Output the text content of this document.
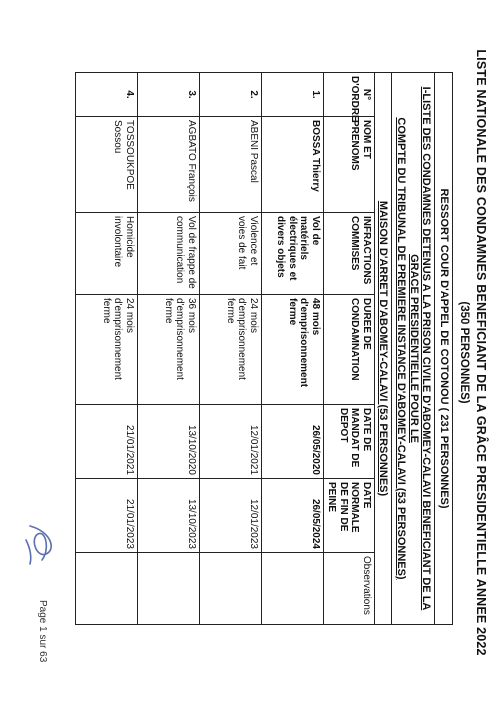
LISTE NATIONALE DES CONDAMNES BENEFICIANT DE LA GRÂCE PRESIDENTIELLE ANNEE 2022
(350 PERSONNES)
RESSORT COUR D'APPEL DE COTONOU ( 231 PERSONNES)						

I-LISTE DES CONDAMNES DETENUS A LA PRISON CIVILE D'ABOMEY-CALAVI BENEFICIANT DE LA GRACE PRESIDENTIELLE POUR LE
COMPTE DU TRIBUNAL DE PREMIERE INSTANCE D'ABOMEY-CALAVI (53 PERSONNES)						

MAISON D'ARRET D'ABOMEY-CALAVI (53 PERSONNES)						
N° D'ORDRE	NOM ET PRENOMS	INFRACTIONS COMMISES	DUREE DE CONDAMNATION	DATE DE MANDAT DE DEPOT	DATE NORMALE DE FIN DE PEINE	Observations
1.	BOSSA Thierry	Vol de matériels électriques et divers objets	48 mois d'emprisonnement ferme	26/05/2020	26/05/2024	
2.	ABENI Pascal	Violence et voies de fait	24 mois d'emprisonnement ferme	12/01/2021	12/01/2023	
3.	AGBATO François	Vol de frappe de communication	36 mois d'emprisonnement ferme	13/10/2020	13/10/2023	
4.	TOSSOUKPOE Sossou	Homicide involontaire	24 mois d'emprisonnement ferme	21/01/2021	21/01/2023	
Page 1 sur 63
